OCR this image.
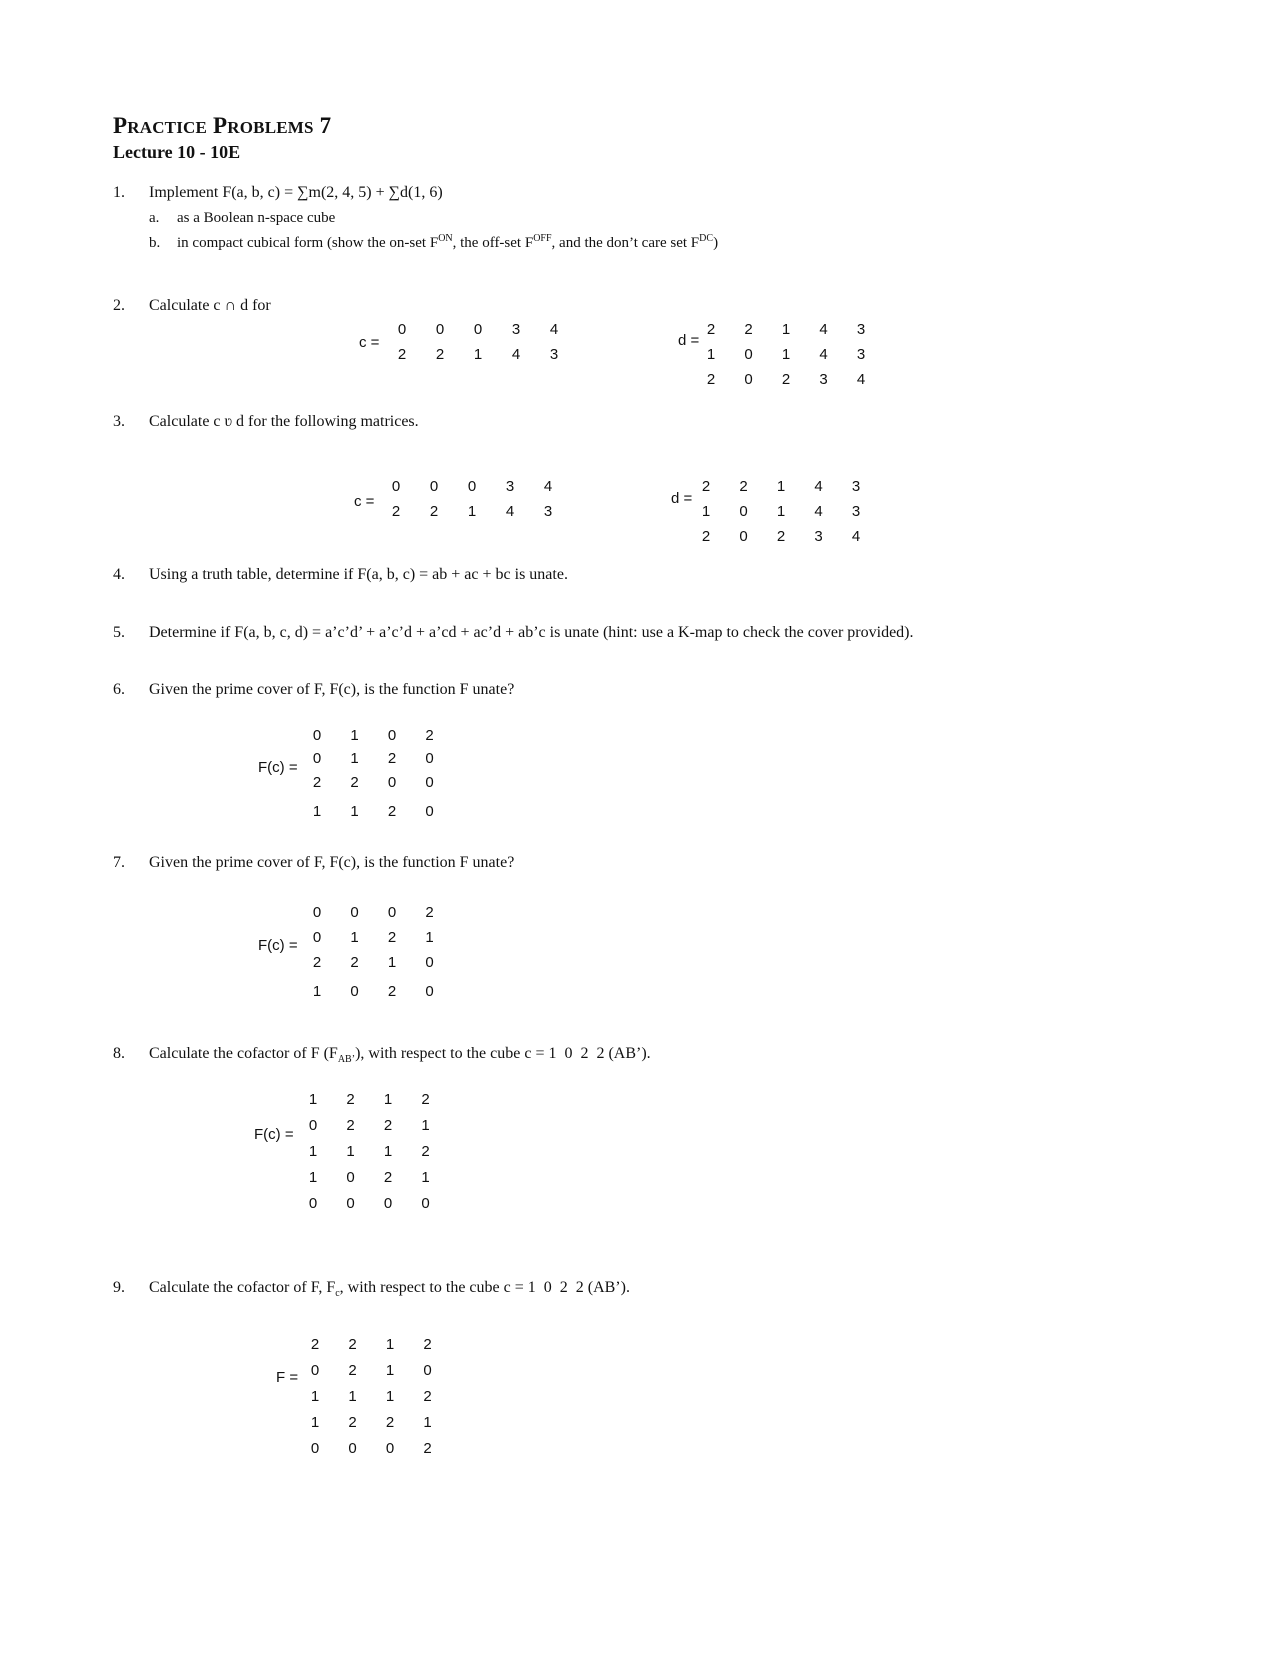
PRACTICE PROBLEMS 7
Lecture 10 - 10E
1. Implement F(a, b, c) = ∑m(2, 4, 5) + ∑d(1, 6)
a. as a Boolean n-space cube
b. in compact cubical form (show the on-set $F^{ON}$, the off-set $F^{OFF}$, and the don’t care set $F^{DC}$)
2. Calculate c ∩ d for
c =
0	0	0	3	4
2	2	1	4	3
d =
2	2	1	4	3
1	0	1	4	3
2	0	2	3	4
3. Calculate c ʋ d for the following matrices.
c =
0	0	0	3	4
2	2	1	4	3
d =
2	2	1	4	3
1	0	1	4	3
2	0	2	3	4
4. Using a truth table, determine if F(a, b, c) = ab + ac + bc is unate.
5. Determine if F(a, b, c, d) = a’c’d’ + a’c’d + a’cd + ac’d + ab’c is unate (hint: use a K-map to check the cover provided).
6. Given the prime cover of F, F(c), is the function F unate?
F(c) =
0	1	0	2
0	1	2	0
2	2	0	0
1	1	2	0
7. Given the prime cover of F, F(c), is the function F unate?
F(c) =
0	0	0	2
0	1	2	1
2	2	1	0
1	0	2	0
8. Calculate the cofactor of F $(F_{AB’})$, with respect to the cube c = 1  0  2  2 (AB’).
F(c) =
1	2	1	2
0	2	2	1
1	1	1	2
1	0	2	1
0	0	0	0
9. Calculate the cofactor of F, $F_c$, with respect to the cube c = 1  0  2  2 (AB’).
F =
2	2	1	2
0	2	1	0
1	1	1	2
1	2	2	1
0	0	0	2
